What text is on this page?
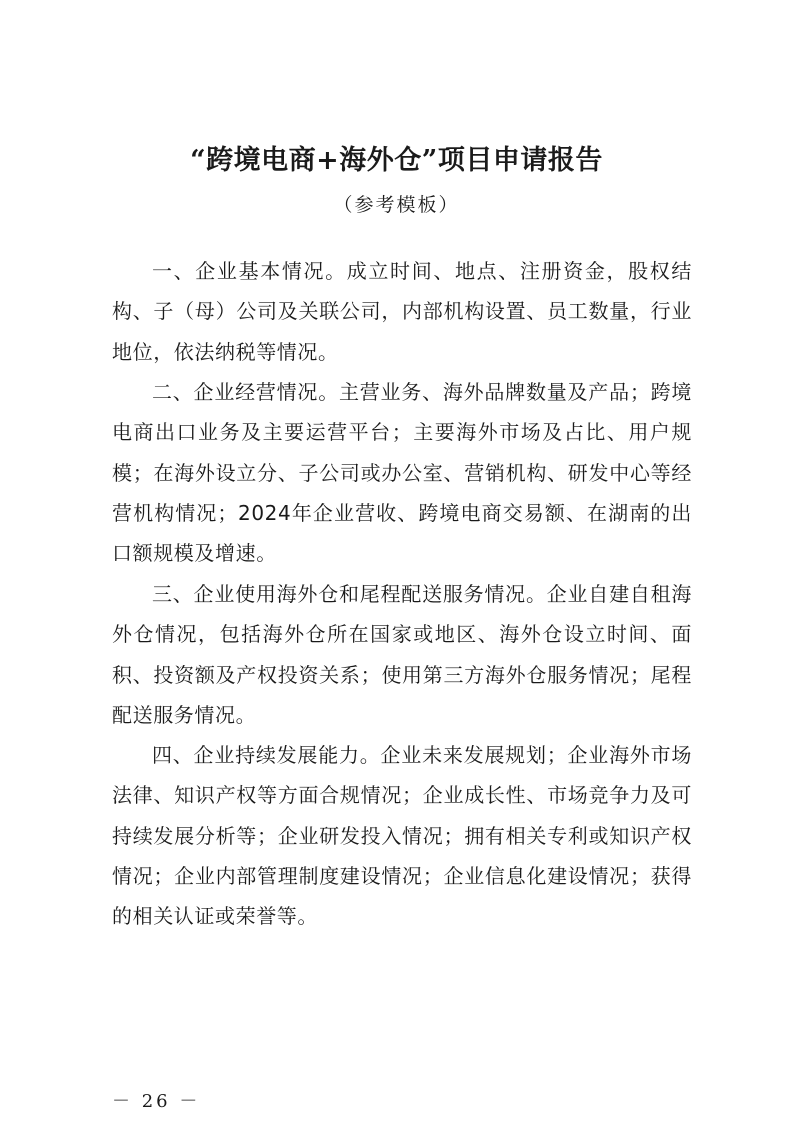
“跨境电商+海外仓”项目申请报告

（参考模板）

一、企业基本情况。成立时间、地点、注册资金，股权结构、子（母）公司及关联公司，内部机构设置、员工数量，行业地位，依法纳税等情况。

二、企业经营情况。主营业务、海外品牌数量及产品；跨境电商出口业务及主要运营平台；主要海外市场及占比、用户规模；在海外设立分、子公司或办公室、营销机构、研发中心等经营机构情况；2024年企业营收、跨境电商交易额、在湖南的出口额规模及增速。

三、企业使用海外仓和尾程配送服务情况。企业自建自租海外仓情况，包括海外仓所在国家或地区、海外仓设立时间、面积、投资额及产权投资关系；使用第三方海外仓服务情况；尾程配送服务情况。

四、企业持续发展能力。企业未来发展规划；企业海外市场法律、知识产权等方面合规情况；企业成长性、市场竞争力及可持续发展分析等；企业研发投入情况；拥有相关专利或知识产权情况；企业内部管理制度建设情况；企业信息化建设情况；获得的相关认证或荣誉等。

－ 26 －
